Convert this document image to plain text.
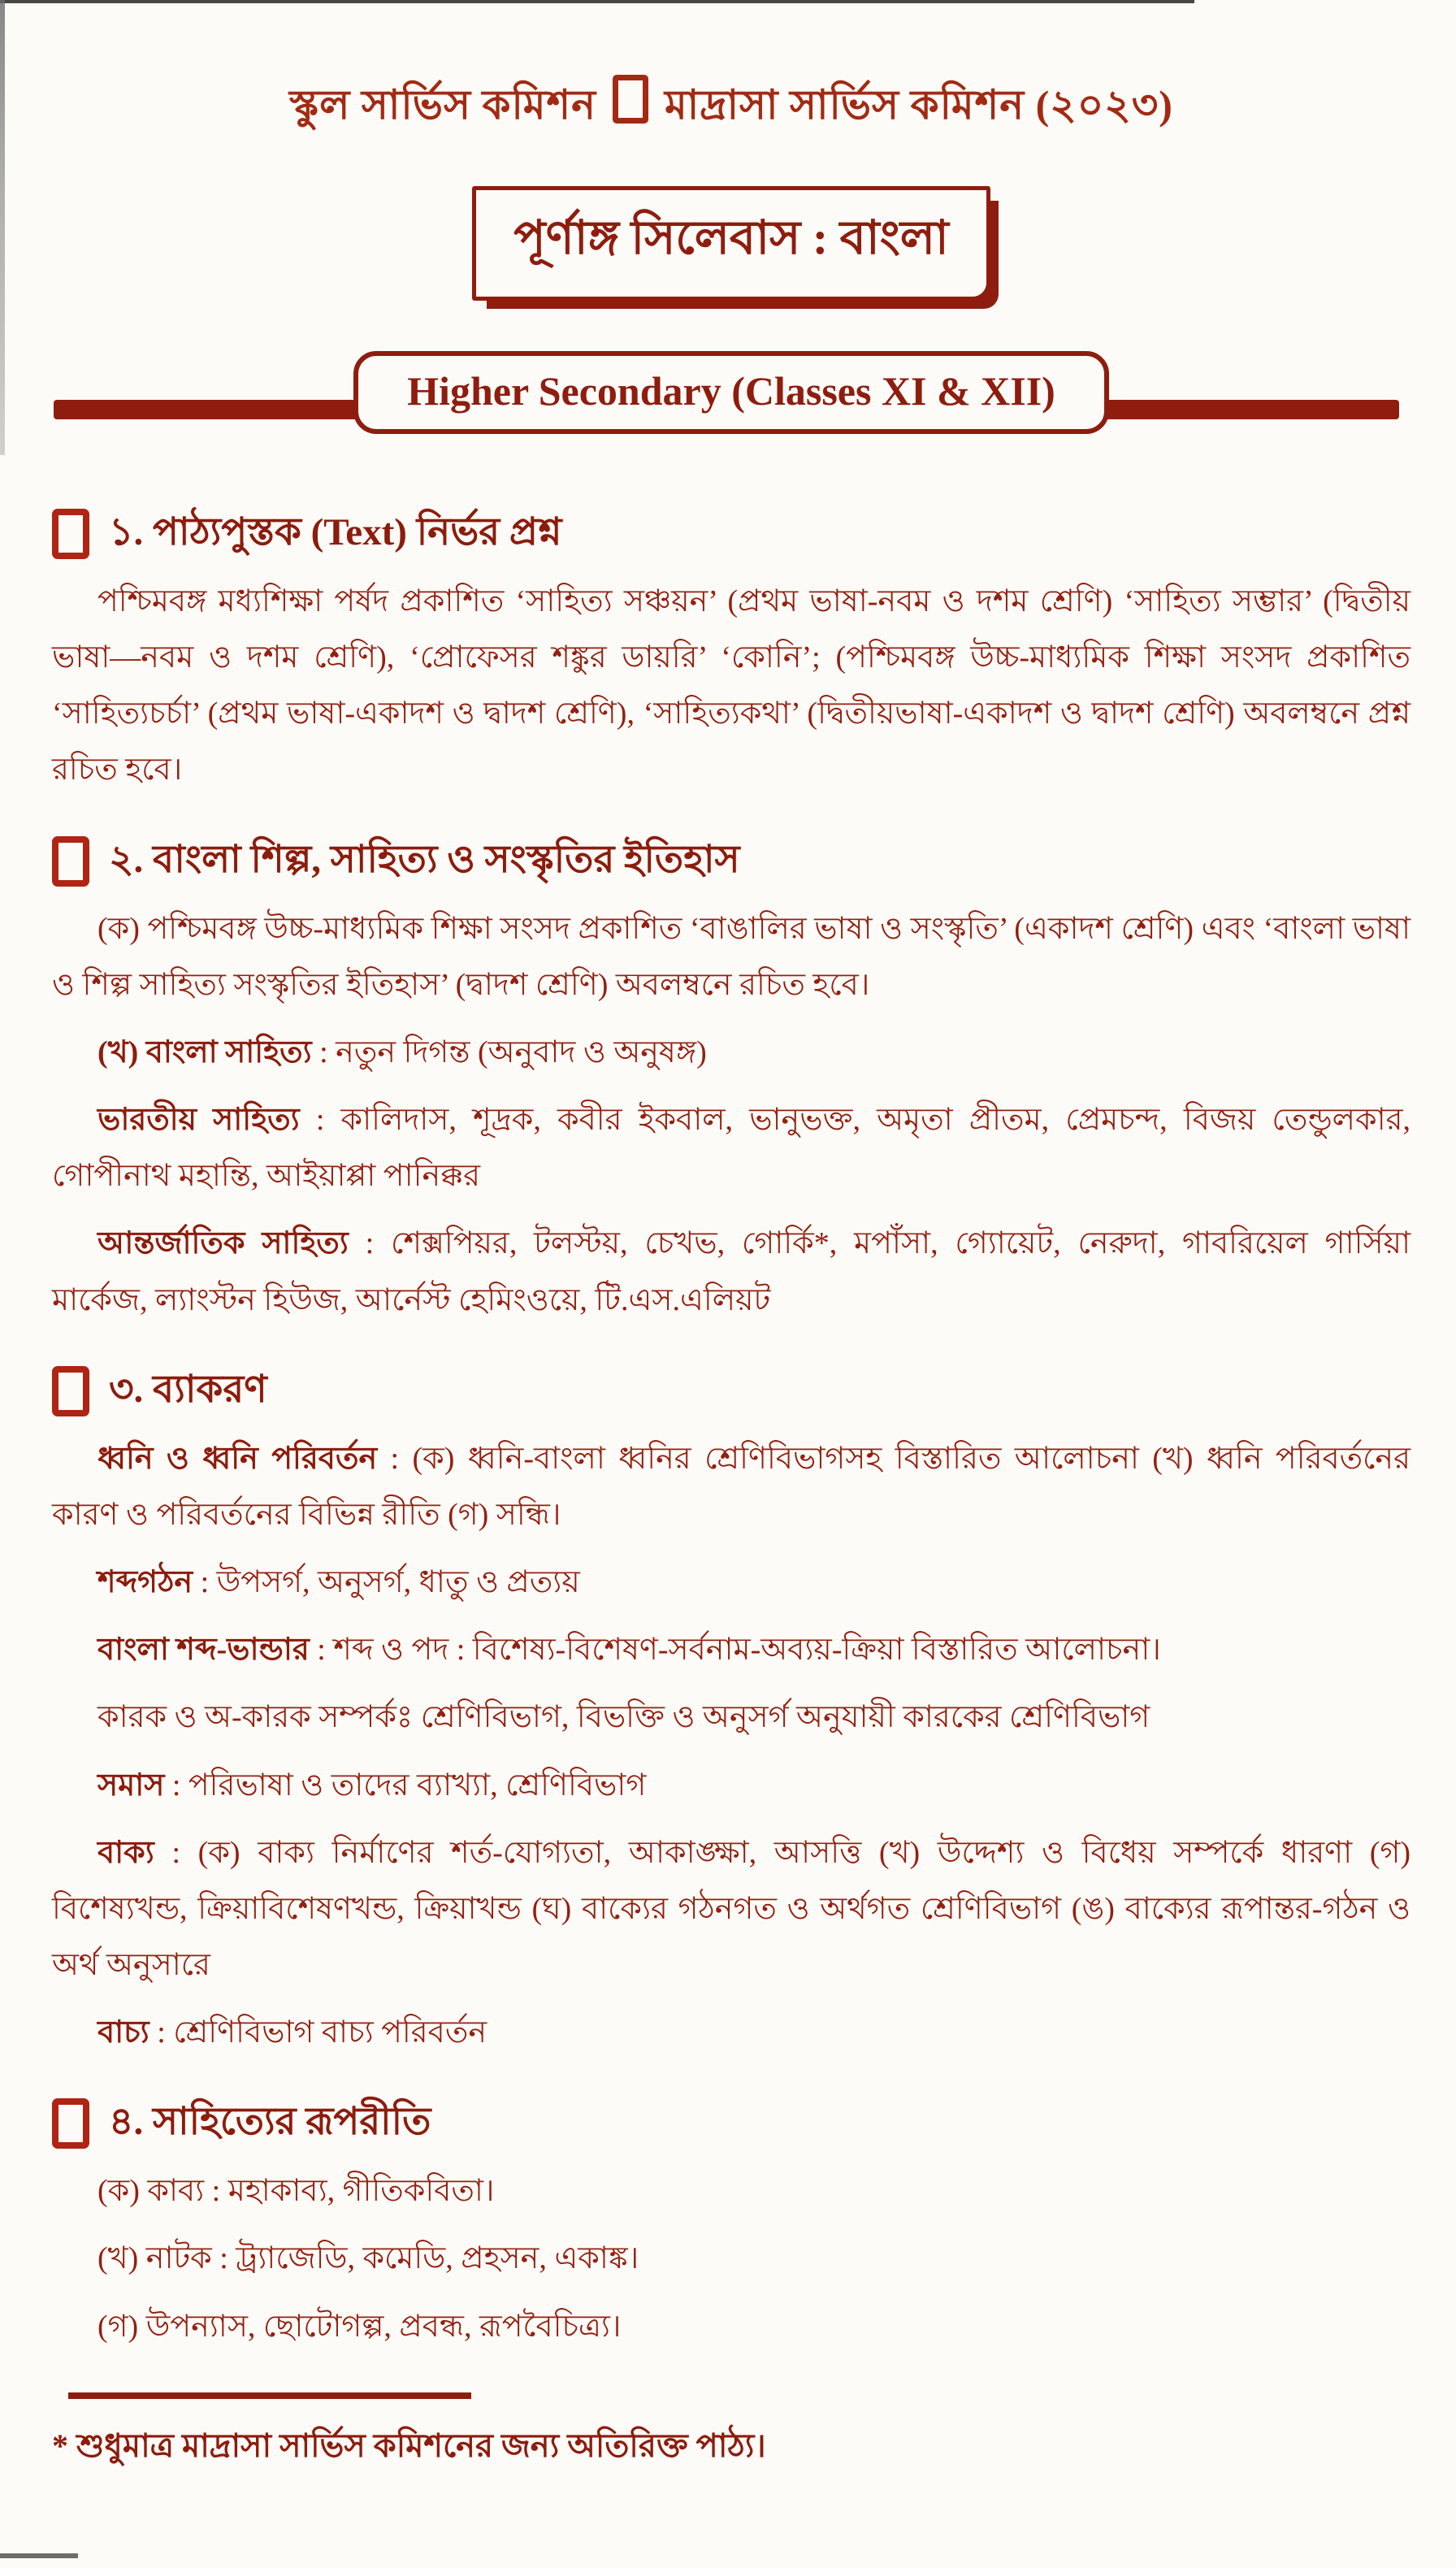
স্কুল সার্ভিস কমিশন মাদ্রাসা সার্ভিস কমিশন (২০২৩)
পূর্ণাঙ্গ সিলেবাস : বাংলা
Higher Secondary (Classes XI & XII)
১. পাঠ্যপুস্তক (Text) নির্ভর প্রশ্ন

পশ্চিমবঙ্গ মধ্যশিক্ষা পর্ষদ প্রকাশিত ‘সাহিত্য সঞ্চয়ন’ (প্রথম ভাষা-নবম ও দশম শ্রেণি) ‘সাহিত্য সম্ভার’ (দ্বিতীয় ভাষা—নবম ও দশম শ্রেণি), ‘প্রোফেসর শঙ্কুর ডায়রি’ ‘কোনি’; (পশ্চিমবঙ্গ উচ্চ-মাধ্যমিক শিক্ষা সংসদ প্রকাশিত ‘সাহিত্যচর্চা’ (প্রথম ভাষা-একাদশ ও দ্বাদশ শ্রেণি), ‘সাহিত্যকথা’ (দ্বিতীয়ভাষা-একাদশ ও দ্বাদশ শ্রেণি) অবলম্বনে প্রশ্ন রচিত হবে।

২. বাংলা শিল্প, সাহিত্য ও সংস্কৃতির ইতিহাস

(ক) পশ্চিমবঙ্গ উচ্চ-মাধ্যমিক শিক্ষা সংসদ প্রকাশিত ‘বাঙালির ভাষা ও সংস্কৃতি’ (একাদশ শ্রেণি) এবং ‘বাংলা ভাষা ও শিল্প সাহিত্য সংস্কৃতির ইতিহাস’ (দ্বাদশ শ্রেণি) অবলম্বনে রচিত হবে।

(খ) বাংলা সাহিত্য : নতুন দিগন্ত (অনুবাদ ও অনুষঙ্গ)

ভারতীয় সাহিত্য : কালিদাস, শূদ্রক, কবীর ইকবাল, ভানুভক্ত, অমৃতা প্রীতম, প্রেমচন্দ, বিজয় তেন্ডুলকার, গোপীনাথ মহান্তি, আইয়াপ্পা পানিক্কর

আন্তর্জাতিক সাহিত্য : শেক্সপিয়র, টলস্টয়, চেখভ, গোর্কি*, মপাঁসা, গ্যোয়েট, নেরুদা, গাবরিয়েল গার্সিয়া মার্কেজ, ল্যাংস্টন হিউজ, আর্নেস্ট হেমিংওয়ে, টি.এস.এলিয়ট

৩. ব্যাকরণ

ধ্বনি ও ধ্বনি পরিবর্তন : (ক) ধ্বনি-বাংলা ধ্বনির শ্রেণিবিভাগসহ বিস্তারিত আলোচনা (খ) ধ্বনি পরিবর্তনের কারণ ও পরিবর্তনের বিভিন্ন রীতি (গ) সন্ধি।

শব্দগঠন : উপসর্গ, অনুসর্গ, ধাতু ও প্রত্যয়

বাংলা শব্দ-ভান্ডার : শব্দ ও পদ : বিশেষ্য-বিশেষণ-সর্বনাম-অব্যয়-ক্রিয়া বিস্তারিত আলোচনা।

কারক ও অ-কারক সম্পর্কঃ শ্রেণিবিভাগ, বিভক্তি ও অনুসর্গ অনুযায়ী কারকের শ্রেণিবিভাগ

সমাস : পরিভাষা ও তাদের ব্যাখ্যা, শ্রেণিবিভাগ

বাক্য : (ক) বাক্য নির্মাণের শর্ত-যোগ্যতা, আকাঙ্ক্ষা, আসত্তি (খ) উদ্দেশ্য ও বিধেয় সম্পর্কে ধারণা (গ) বিশেষ্যখন্ড, ক্রিয়াবিশেষণখন্ড, ক্রিয়াখন্ড (ঘ) বাক্যের গঠনগত ও অর্থগত শ্রেণিবিভাগ (ঙ) বাক্যের রূপান্তর-গঠন ও অর্থ অনুসারে

বাচ্য : শ্রেণিবিভাগ বাচ্য পরিবর্তন

৪. সাহিত্যের রূপরীতি

(ক) কাব্য : মহাকাব্য, গীতিকবিতা।

(খ) নাটক : ট্র্যাজেডি, কমেডি, প্রহসন, একাঙ্ক।

(গ) উপন্যাস, ছোটোগল্প, প্রবন্ধ, রূপবৈচিত্র্য।

* শুধুমাত্র মাদ্রাসা সার্ভিস কমিশনের জন্য অতিরিক্ত পাঠ্য।
